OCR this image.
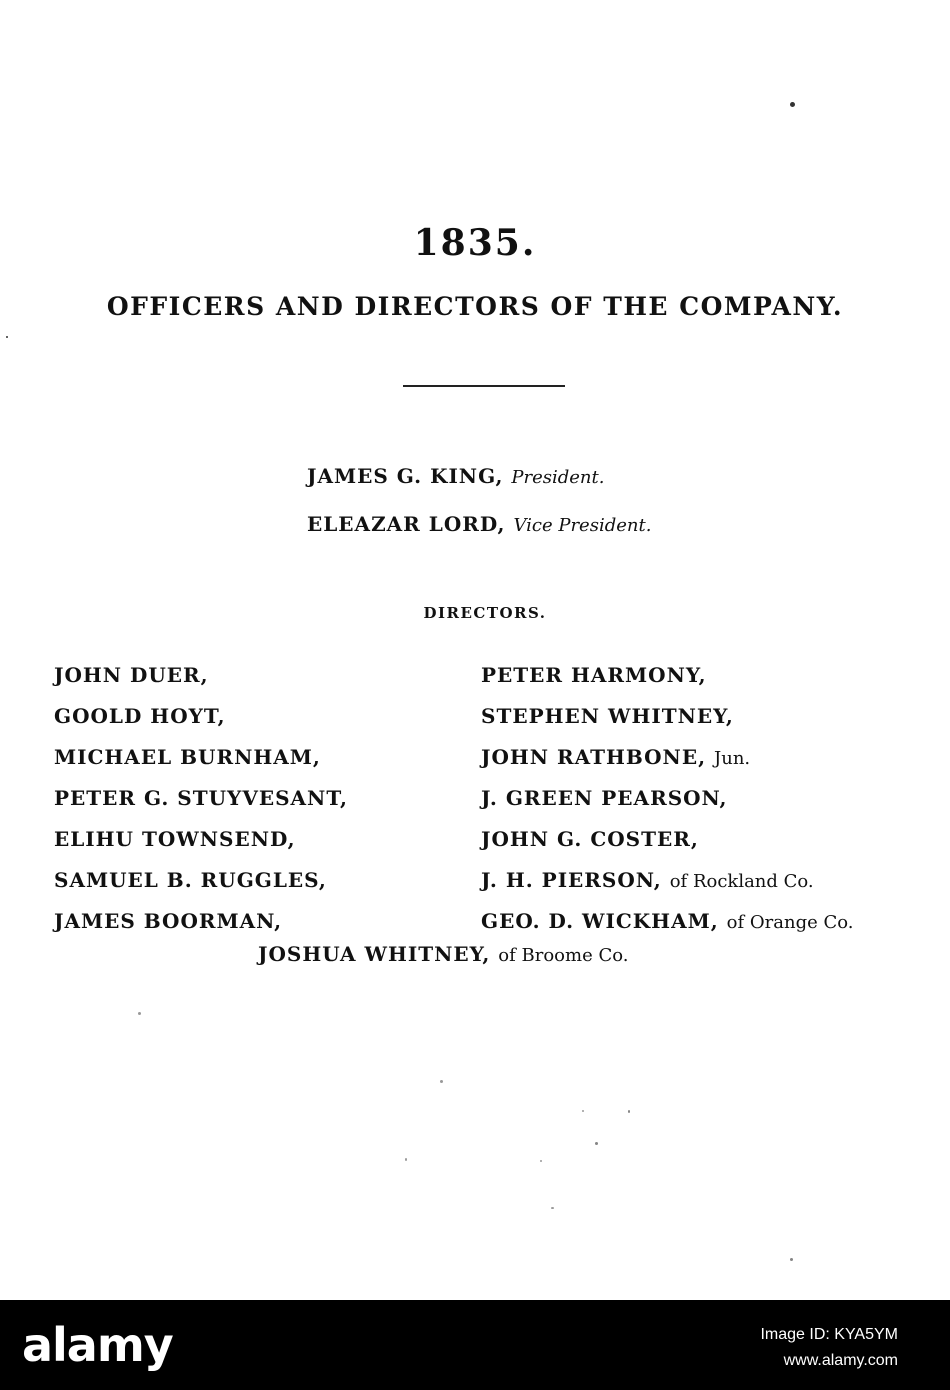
1835.
OFFICERS AND DIRECTORS OF THE COMPANY.
JAMES G. KING, President.
ELEAZAR LORD, Vice President.
DIRECTORS.
JOHN DUER,
GOOLD HOYT,
MICHAEL BURNHAM,
PETER G. STUYVESANT,
ELIHU TOWNSEND,
SAMUEL B. RUGGLES,
JAMES BOORMAN,
PETER HARMONY,
STEPHEN WHITNEY,
JOHN RATHBONE, Jun.
J. GREEN PEARSON,
JOHN G. COSTER,
J. H. PIERSON, of Rockland Co.
GEO. D. WICKHAM, of Orange Co.
JOSHUA WHITNEY, of Broome Co.
alamy	Image ID: KYA5YM
www.alamy.com
